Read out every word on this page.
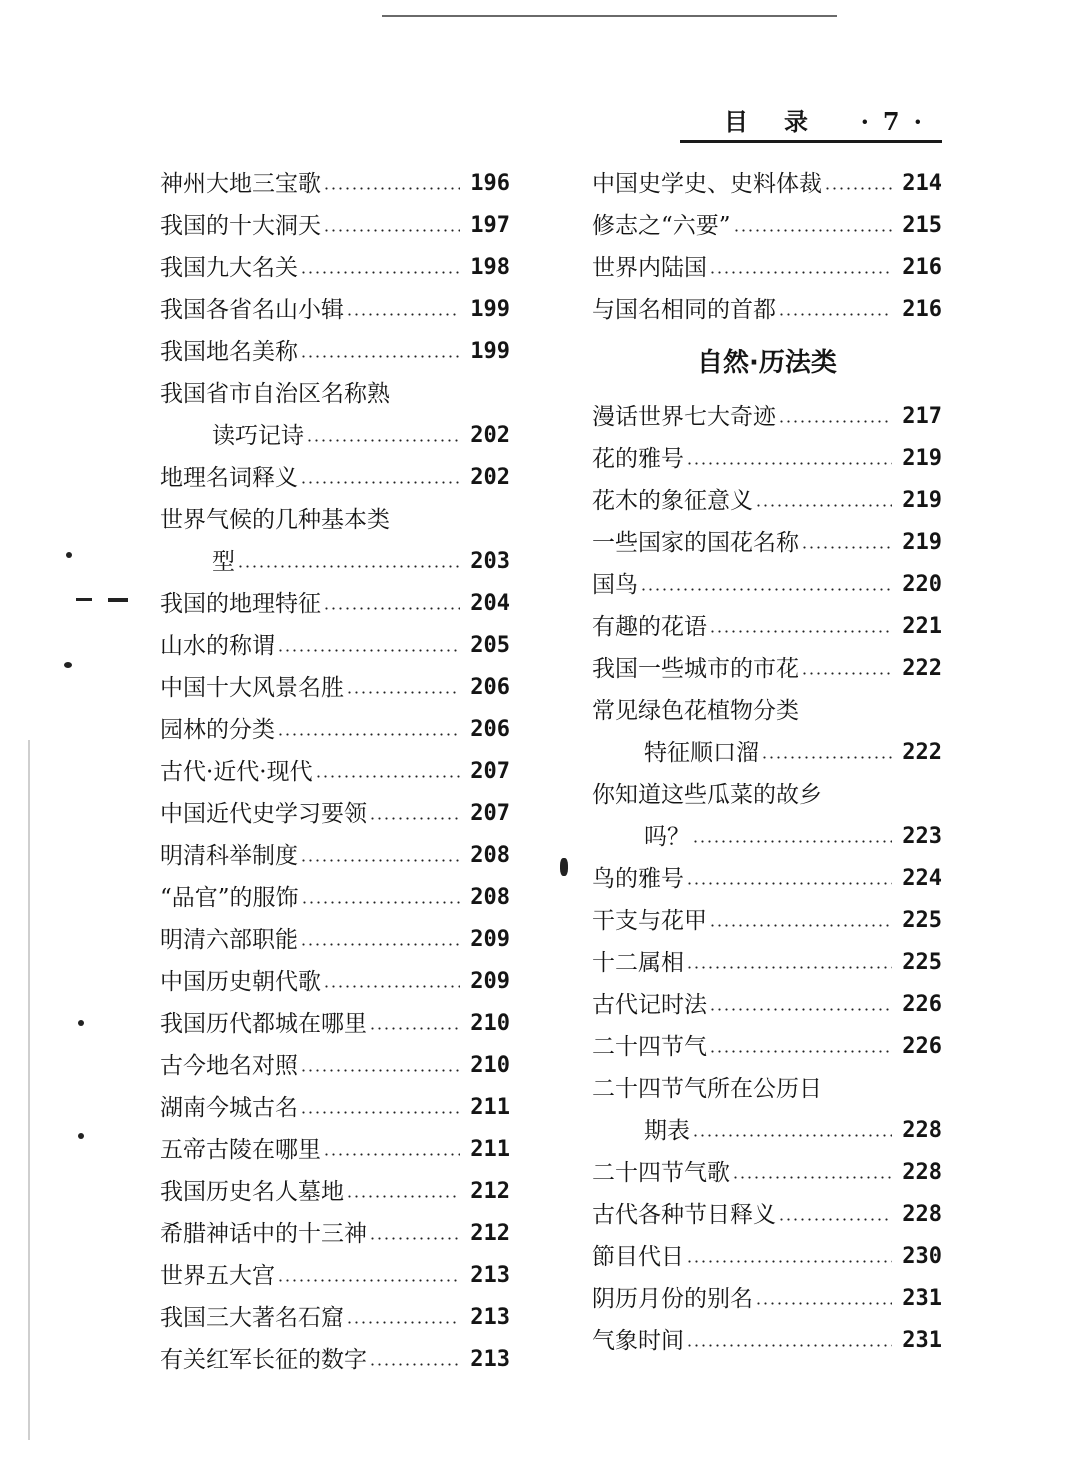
目录 ·7·
神州大地三宝歌	196
我国的十大洞天	197
我国九大名关	198
我国各省名山小辑	199
我国地名美称	199
我国省市自治区名称熟
读巧记诗	202
地理名词释义	202
世界气候的几种基本类
型	203
我国的地理特征	204
山水的称谓	205
中国十大风景名胜	206
园林的分类	206
古代·近代·现代	207
中国近代史学习要领	207
明清科举制度	208
“品官”的服饰	208
明清六部职能	209
中国历史朝代歌	209
我国历代都城在哪里	210
古今地名对照	210
湖南今城古名	211
五帝古陵在哪里	211
我国历史名人墓地	212
希腊神话中的十三神	212
世界五大宫	213
我国三大著名石窟	213
有关红军长征的数字	213
中国史学史、史料体裁	214
修志之“六要”	215
世界内陆国	216
与国名相同的首都	216
自然·历法类
漫话世界七大奇迹	217
花的雅号	219
花木的象征意义	219
一些国家的国花名称	219
国鸟	220
有趣的花语	221
我国一些城市的市花	222
常见绿色花植物分类
特征顺口溜	222
你知道这些瓜菜的故乡
吗？	223
鸟的雅号	224
干支与花甲	225
十二属相	225
古代记时法	226
二十四节气	226
二十四节气所在公历日
期表	228
二十四节气歌	228
古代各种节日释义	228
節目代日	230
阴历月份的别名	231
气象时间	231
